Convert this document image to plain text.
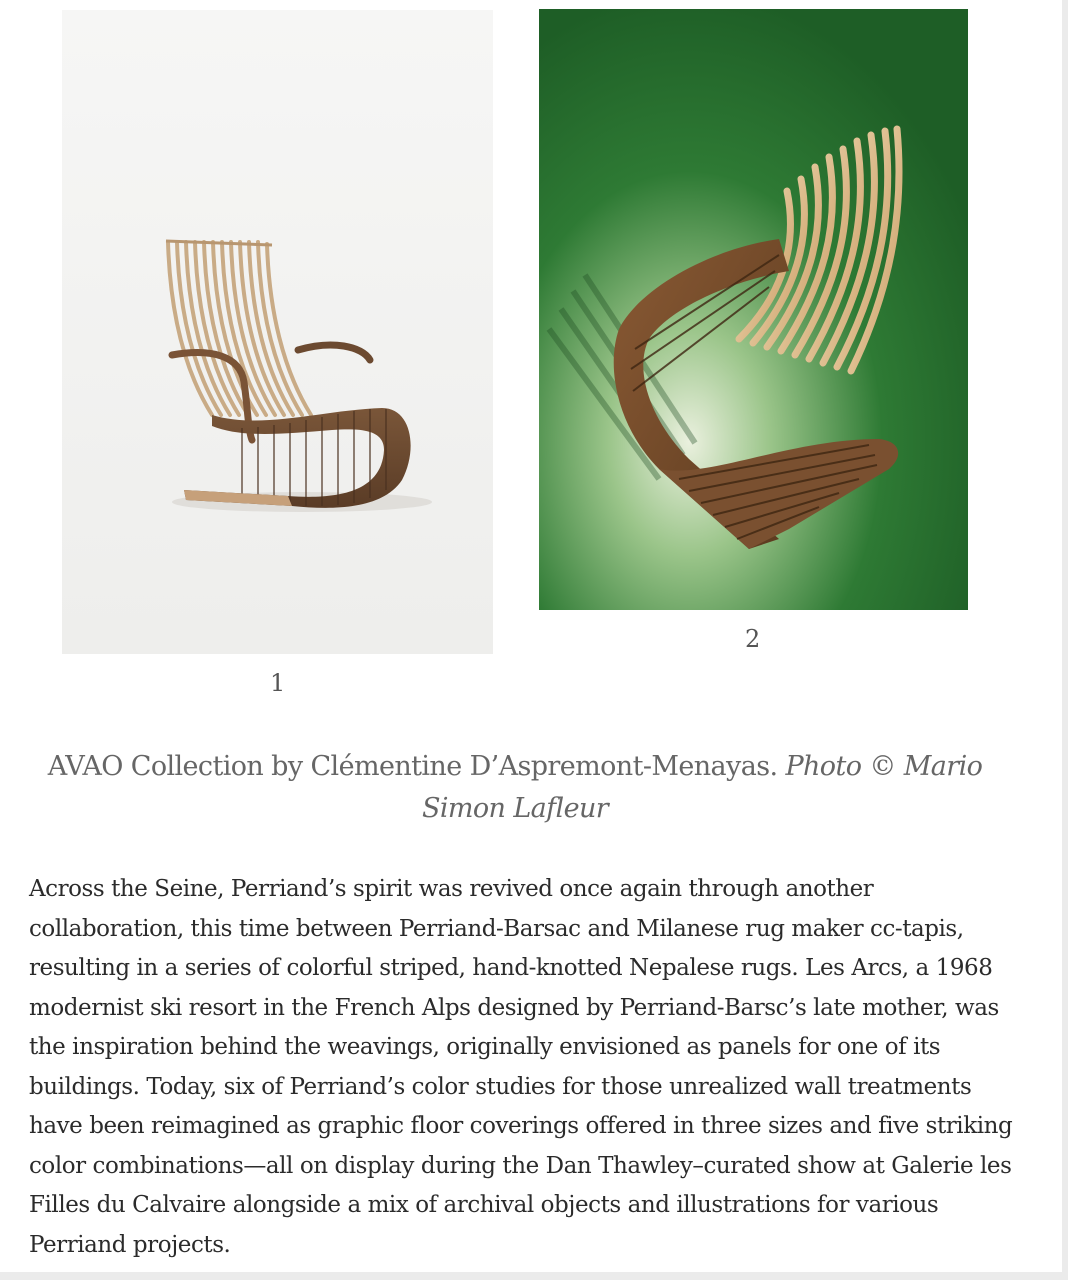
1
2
AVAO Collection by Clémentine D’Aspremont-Menayas. Photo © Mario Simon Lafleur
Across the Seine, Perriand’s spirit was revived once again through another
collaboration, this time between Perriand-Barsac and Milanese rug maker cc-tapis,
resulting in a series of colorful striped, hand-knotted Nepalese rugs. Les Arcs, a 1968
modernist ski resort in the French Alps designed by Perriand-Barsc’s late mother, was
the inspiration behind the weavings, originally envisioned as panels for one of its
buildings. Today, six of Perriand’s color studies for those unrealized wall treatments
have been reimagined as graphic floor coverings offered in three sizes and five striking
color combinations—all on display during the Dan Thawley–curated show at Galerie les
Filles du Calvaire alongside a mix of archival objects and illustrations for various
Perriand projects.
